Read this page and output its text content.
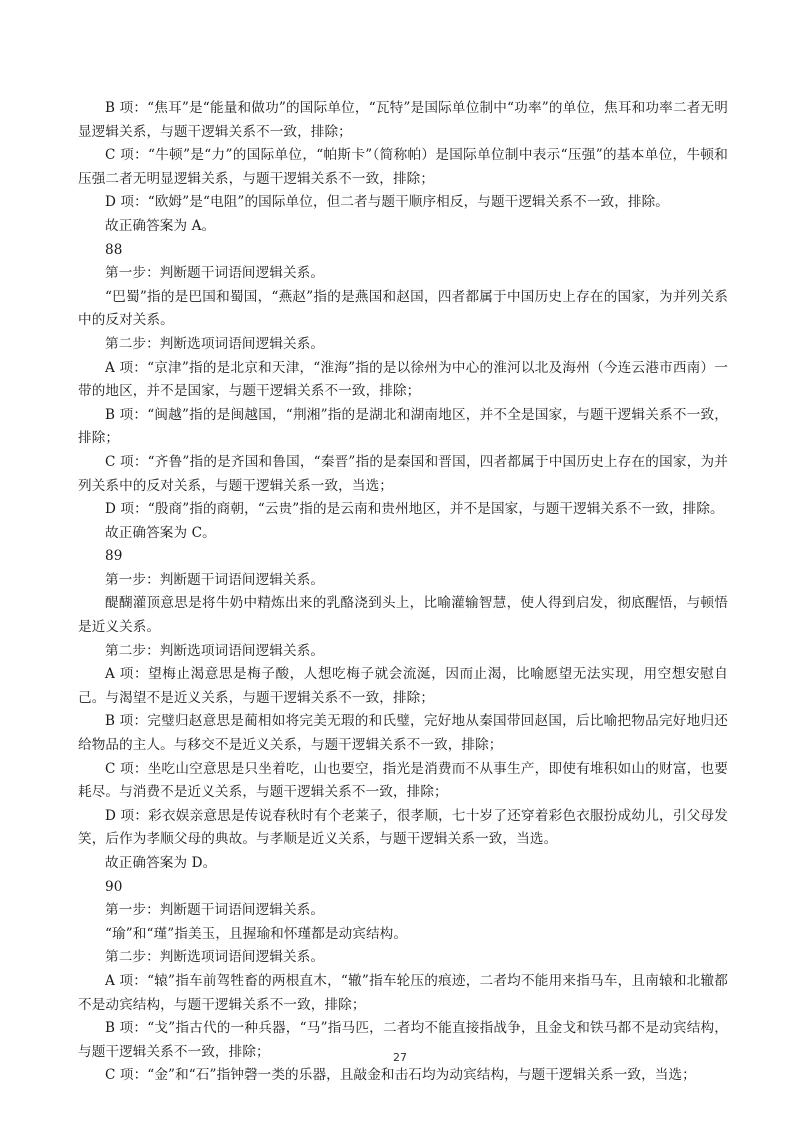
B 项：“焦耳”是“能量和做功”的国际单位，“瓦特”是国际单位制中“功率”的单位，焦耳和功率二者无明显逻辑关系，与题干逻辑关系不一致，排除；

C 项：“牛顿”是“力”的国际单位，“帕斯卡”（简称帕）是国际单位制中表示“压强”的基本单位，牛顿和压强二者无明显逻辑关系，与题干逻辑关系不一致，排除；

D 项：“欧姆”是“电阻”的国际单位，但二者与题干顺序相反，与题干逻辑关系不一致，排除。

故正确答案为 A。

88

第一步：判断题干词语间逻辑关系。

“巴蜀”指的是巴国和蜀国，“燕赵”指的是燕国和赵国，四者都属于中国历史上存在的国家，为并列关系中的反对关系。

第二步：判断选项词语间逻辑关系。

A 项：“京津”指的是北京和天津，“淮海”指的是以徐州为中心的淮河以北及海州（今连云港市西南）一带的地区，并不是国家，与题干逻辑关系不一致，排除；

B 项：“闽越”指的是闽越国，“荆湘”指的是湖北和湖南地区，并不全是国家，与题干逻辑关系不一致，排除；

C 项：“齐鲁”指的是齐国和鲁国，“秦晋”指的是秦国和晋国，四者都属于中国历史上存在的国家，为并列关系中的反对关系，与题干逻辑关系一致，当选；

D 项：“殷商”指的商朝，“云贵”指的是云南和贵州地区，并不是国家，与题干逻辑关系不一致，排除。

故正确答案为 C。

89

第一步：判断题干词语间逻辑关系。

醍醐灌顶意思是将牛奶中精炼出来的乳酪浇到头上，比喻灌输智慧，使人得到启发，彻底醒悟，与顿悟是近义关系。

第二步：判断选项词语间逻辑关系。

A 项：望梅止渴意思是梅子酸，人想吃梅子就会流涎，因而止渴，比喻愿望无法实现，用空想安慰自己。与渴望不是近义关系，与题干逻辑关系不一致，排除；

B 项：完璧归赵意思是蔺相如将完美无瑕的和氏璧，完好地从秦国带回赵国，后比喻把物品完好地归还给物品的主人。与移交不是近义关系，与题干逻辑关系不一致，排除；

C 项：坐吃山空意思是只坐着吃，山也要空，指光是消费而不从事生产，即使有堆积如山的财富，也要耗尽。与消费不是近义关系，与题干逻辑关系不一致，排除；

D 项：彩衣娱亲意思是传说春秋时有个老莱子，很孝顺，七十岁了还穿着彩色衣服扮成幼儿，引父母发笑，后作为孝顺父母的典故。与孝顺是近义关系，与题干逻辑关系一致，当选。

故正确答案为 D。

90

第一步：判断题干词语间逻辑关系。

“瑜”和“瑾”指美玉，且握瑜和怀瑾都是动宾结构。

第二步：判断选项词语间逻辑关系。

A 项：“辕”指车前驾牲畜的两根直木，“辙”指车轮压的痕迹，二者均不能用来指马车，且南辕和北辙都不是动宾结构，与题干逻辑关系不一致，排除；

B 项：“戈”指古代的一种兵器，“马”指马匹，二者均不能直接指战争，且金戈和铁马都不是动宾结构，与题干逻辑关系不一致，排除；

C 项：“金”和“石”指钟磬一类的乐器，且敲金和击石均为动宾结构，与题干逻辑关系一致，当选；

27
